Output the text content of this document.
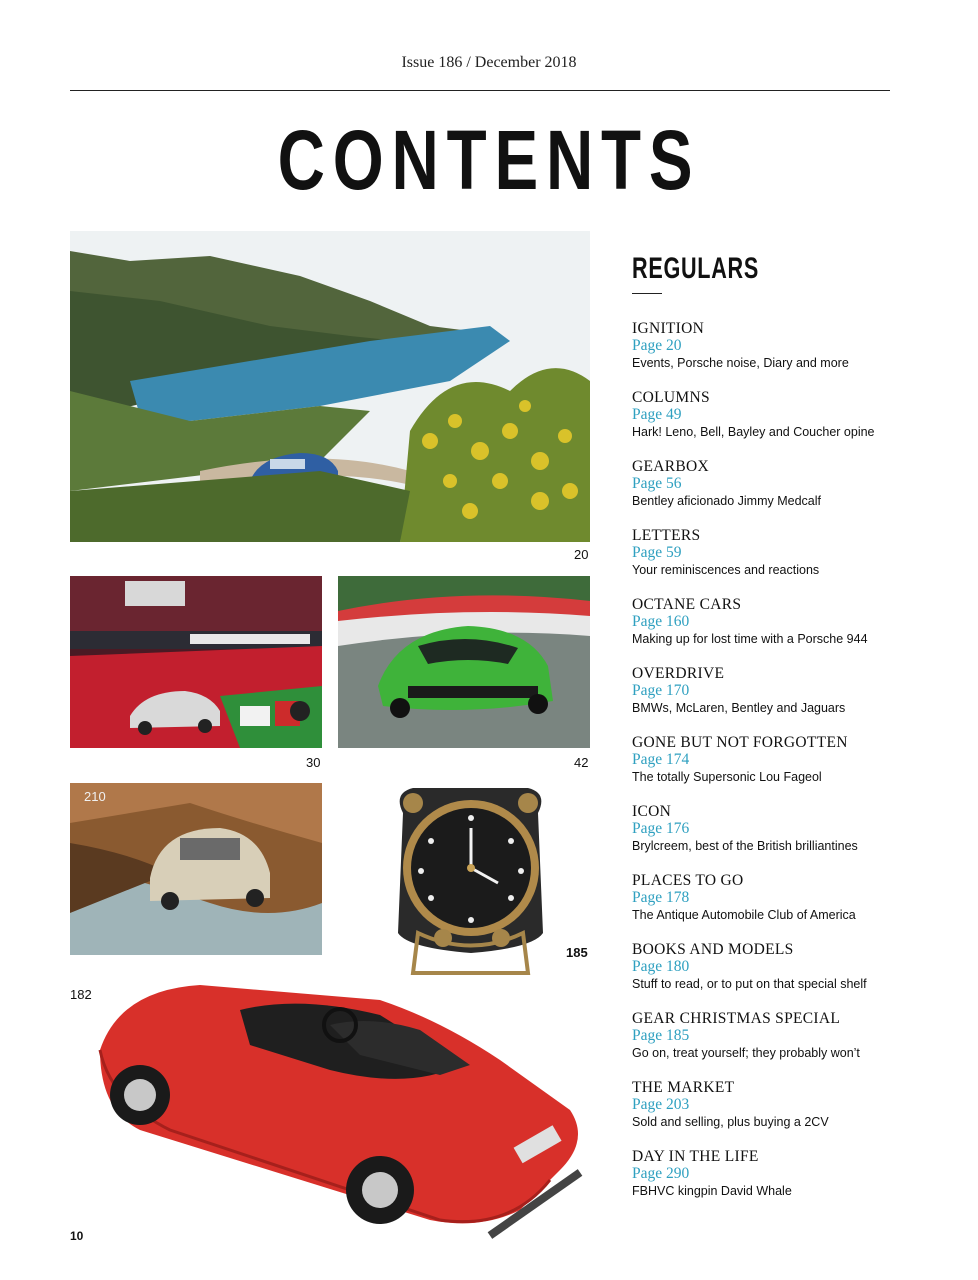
Issue 186 / December 2018
CONTENTS
20
30	42
210
185
182
REGULARS
IGNITION
Page 20
Events, Porsche noise, Diary and more
COLUMNS
Page 49
Hark! Leno, Bell, Bayley and Coucher opine
GEARBOX
Page 56
Bentley aficionado Jimmy Medcalf
LETTERS
Page 59
Your reminiscences and reactions
OCTANE CARS
Page 160
Making up for lost time with a Porsche 944
OVERDRIVE
Page 170
BMWs, McLaren, Bentley and Jaguars
GONE BUT NOT FORGOTTEN
Page 174
The totally Supersonic Lou Fageol
ICON
Page 176
Brylcreem, best of the British brilliantines
PLACES TO GO
Page 178
The Antique Automobile Club of America
BOOKS AND MODELS
Page 180
Stuff to read, or to put on that special shelf
GEAR CHRISTMAS SPECIAL
Page 185
Go on, treat yourself; they probably won’t
THE MARKET
Page 203
Sold and selling, plus buying a 2CV
DAY IN THE LIFE
Page 290
FBHVC kingpin David Whale
10
